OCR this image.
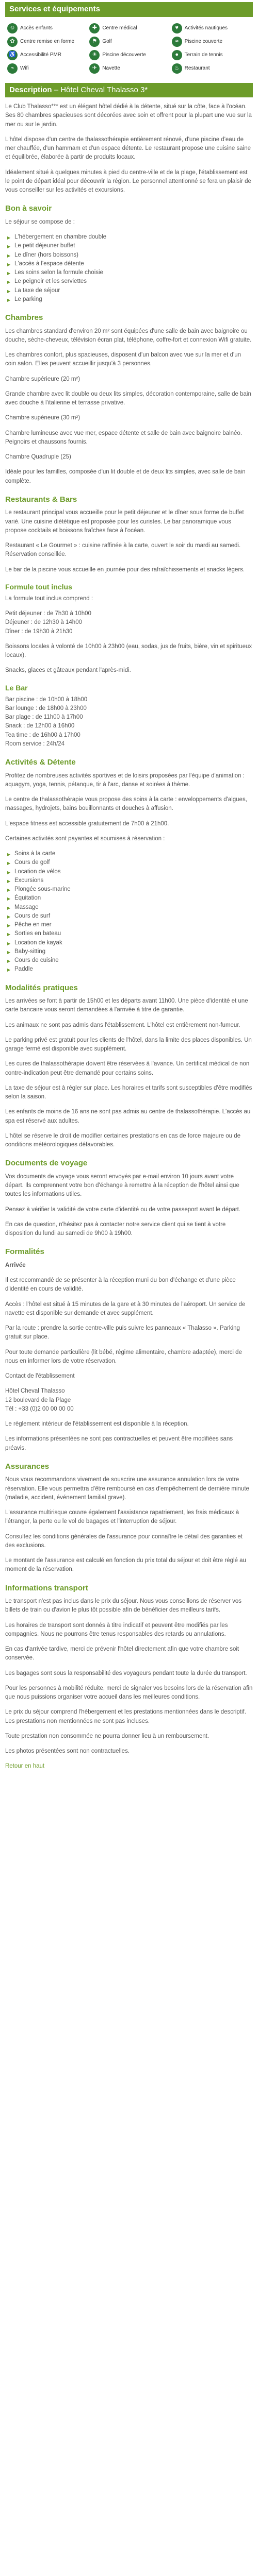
Services et équipements
☺ Accès enfants	✚	Centre médical	♥	Activités nautiques
✿	Centre remise en forme	⚑	Golf	≈	Piscine couverte
♿ Accessibilité PMR	☀	Piscine découverte	●	Terrain de tennis
⌁	Wifi	✈	Navette	♨	Restaurant
Description – Hôtel Cheval Thalasso 3*

Le Club Thalasso*** est un élégant hôtel dédié à la détente, situé sur la côte, face à l'océan. Ses 80 chambres spacieuses sont décorées avec soin et offrent pour la plupart une vue sur la mer ou sur le jardin.

L'hôtel dispose d'un centre de thalassothérapie entièrement rénové, d'une piscine d'eau de mer chauffée, d'un hammam et d'un espace détente. Le restaurant propose une cuisine saine et équilibrée, élaborée à partir de produits locaux.

Idéalement situé à quelques minutes à pied du centre-ville et de la plage, l'établissement est le point de départ idéal pour découvrir la région. Le personnel attentionné se fera un plaisir de vous conseiller sur les activités et excursions.

Bon à savoir

Le séjour se compose de :

▶ L'hébergement en chambre double
▶ Le petit déjeuner buffet
▶ Le dîner (hors boissons)
▶ L'accès à l'espace détente
▶ Les soins selon la formule choisie
▶ Le peignoir et les serviettes
▶ La taxe de séjour
▶ Le parking
Chambres

Les chambres standard d'environ 20 m² sont équipées d'une salle de bain avec baignoire ou douche, sèche-cheveux, télévision écran plat, téléphone, coffre-fort et connexion Wifi gratuite.

Les chambres confort, plus spacieuses, disposent d'un balcon avec vue sur la mer et d'un coin salon. Elles peuvent accueillir jusqu'à 3 personnes.

Chambre supérieure (20 m²)

Grande chambre avec lit double ou deux lits simples, décoration contemporaine, salle de bain avec douche à l'italienne et terrasse privative.

Chambre supérieure (30 m²)

Chambre lumineuse avec vue mer, espace détente et salle de bain avec baignoire balnéo. Peignoirs et chaussons fournis.

Chambre Quadruple (25)

Idéale pour les familles, composée d'un lit double et de deux lits simples, avec salle de bain complète.

Restaurants & Bars

Le restaurant principal vous accueille pour le petit déjeuner et le dîner sous forme de buffet varié. Une cuisine diététique est proposée pour les curistes. Le bar panoramique vous propose cocktails et boissons fraîches face à l'océan.

Restaurant « Le Gourmet » : cuisine raffinée à la carte, ouvert le soir du mardi au samedi. Réservation conseillée.

Le bar de la piscine vous accueille en journée pour des rafraîchissements et snacks légers.

Formule tout inclus

La formule tout inclus comprend :

Petit déjeuner : de 7h30 à 10h00

Déjeuner : de 12h30 à 14h00

Dîner : de 19h30 à 21h30

Boissons locales à volonté de 10h00 à 23h00 (eau, sodas, jus de fruits, bière, vin et spiritueux locaux).

Snacks, glaces et gâteaux pendant l'après-midi.

Le Bar

Bar piscine : de 10h00 à 18h00

Bar lounge : de 18h00 à 23h00

Bar plage : de 11h00 à 17h00

Snack : de 12h00 à 16h00

Tea time : de 16h00 à 17h00

Room service : 24h/24

Activités & Détente

Profitez de nombreuses activités sportives et de loisirs proposées par l'équipe d'animation : aquagym, yoga, tennis, pétanque, tir à l'arc, danse et soirées à thème.

Le centre de thalassothérapie vous propose des soins à la carte : enveloppements d'algues, massages, hydrojets, bains bouillonnants et douches à affusion.

L'espace fitness est accessible gratuitement de 7h00 à 21h00.

Certaines activités sont payantes et soumises à réservation :

▶ Soins à la carte
▶ Cours de golf
▶ Location de vélos
▶ Excursions
▶ Plongée sous-marine
▶ Équitation
▶ Massage
▶ Cours de surf
▶ Pêche en mer
▶ Sorties en bateau
▶ Location de kayak
▶ Baby-sitting
▶ Cours de cuisine
▶ Paddle
Modalités pratiques

Les arrivées se font à partir de 15h00 et les départs avant 11h00. Une pièce d'identité et une carte bancaire vous seront demandées à l'arrivée à titre de garantie.

Les animaux ne sont pas admis dans l'établissement. L'hôtel est entièrement non-fumeur.

Le parking privé est gratuit pour les clients de l'hôtel, dans la limite des places disponibles. Un garage fermé est disponible avec supplément.

Les cures de thalassothérapie doivent être réservées à l'avance. Un certificat médical de non contre-indication peut être demandé pour certains soins.

La taxe de séjour est à régler sur place. Les horaires et tarifs sont susceptibles d'être modifiés selon la saison.

Les enfants de moins de 16 ans ne sont pas admis au centre de thalassothérapie. L'accès au spa est réservé aux adultes.

L'hôtel se réserve le droit de modifier certaines prestations en cas de force majeure ou de conditions météorologiques défavorables.

Documents de voyage

Vos documents de voyage vous seront envoyés par e-mail environ 10 jours avant votre départ. Ils comprennent votre bon d'échange à remettre à la réception de l'hôtel ainsi que toutes les informations utiles.

Pensez à vérifier la validité de votre carte d'identité ou de votre passeport avant le départ.

En cas de question, n'hésitez pas à contacter notre service client qui se tient à votre disposition du lundi au samedi de 9h00 à 19h00.

Formalités

Arrivée

Il est recommandé de se présenter à la réception muni du bon d'échange et d'une pièce d'identité en cours de validité.

Accès : l'hôtel est situé à 15 minutes de la gare et à 30 minutes de l'aéroport. Un service de navette est disponible sur demande et avec supplément.

Par la route : prendre la sortie centre-ville puis suivre les panneaux « Thalasso ». Parking gratuit sur place.

Pour toute demande particulière (lit bébé, régime alimentaire, chambre adaptée), merci de nous en informer lors de votre réservation.

Contact de l'établissement

Hôtel Cheval Thalasso

12 boulevard de la Plage

Tél : +33 (0)2 00 00 00 00

Le règlement intérieur de l'établissement est disponible à la réception.

Les informations présentées ne sont pas contractuelles et peuvent être modifiées sans préavis.

Assurances

Nous vous recommandons vivement de souscrire une assurance annulation lors de votre réservation. Elle vous permettra d'être remboursé en cas d'empêchement de dernière minute (maladie, accident, événement familial grave).

L'assurance multirisque couvre également l'assistance rapatriement, les frais médicaux à l'étranger, la perte ou le vol de bagages et l'interruption de séjour.

Consultez les conditions générales de l'assurance pour connaître le détail des garanties et des exclusions.

Le montant de l'assurance est calculé en fonction du prix total du séjour et doit être réglé au moment de la réservation.

Informations transport

Le transport n'est pas inclus dans le prix du séjour. Nous vous conseillons de réserver vos billets de train ou d'avion le plus tôt possible afin de bénéficier des meilleurs tarifs.

Les horaires de transport sont donnés à titre indicatif et peuvent être modifiés par les compagnies. Nous ne pourrons être tenus responsables des retards ou annulations.

En cas d'arrivée tardive, merci de prévenir l'hôtel directement afin que votre chambre soit conservée.

Les bagages sont sous la responsabilité des voyageurs pendant toute la durée du transport.

Pour les personnes à mobilité réduite, merci de signaler vos besoins lors de la réservation afin que nous puissions organiser votre accueil dans les meilleures conditions.

Le prix du séjour comprend l'hébergement et les prestations mentionnées dans le descriptif. Les prestations non mentionnées ne sont pas incluses.

Toute prestation non consommée ne pourra donner lieu à un remboursement.

Les photos présentées sont non contractuelles.

Retour en haut
